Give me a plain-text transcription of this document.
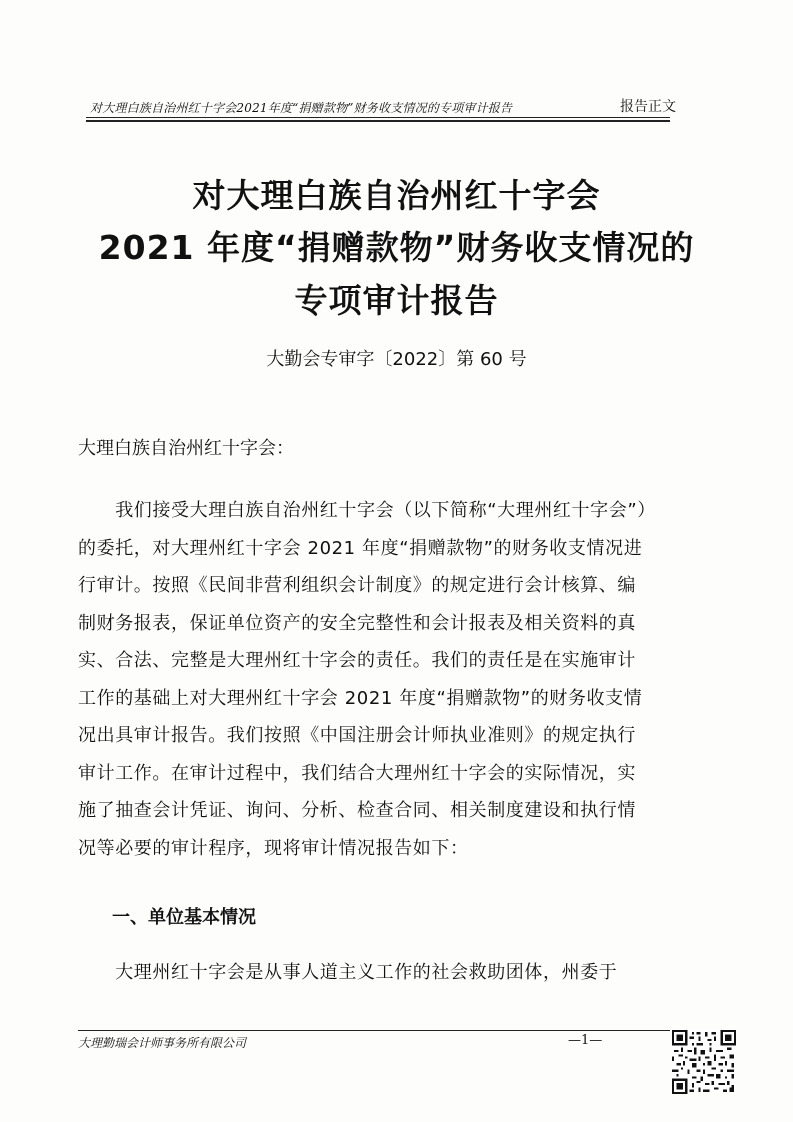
对大理白族自治州红十字会2021年度“捐赠款物”财务收支情况的专项审计报告	报告正文
对大理白族自治州红十字会
2021 年度“捐赠款物”财务收支情况的
专项审计报告
大勤会专审字〔2022〕第 60 号
大理白族自治州红十字会：
　　我们接受大理白族自治州红十字会（以下简称“大理州红十字会”）
的委托，对大理州红十字会 2021 年度“捐赠款物”的财务收支情况进
行审计。按照《民间非营利组织会计制度》的规定进行会计核算、编
制财务报表，保证单位资产的安全完整性和会计报表及相关资料的真
实、合法、完整是大理州红十字会的责任。我们的责任是在实施审计
工作的基础上对大理州红十字会 2021 年度“捐赠款物”的财务收支情
况出具审计报告。我们按照《中国注册会计师执业准则》的规定执行
审计工作。在审计过程中，我们结合大理州红十字会的实际情况，实
施了抽查会计凭证、询问、分析、检查合同、相关制度建设和执行情
况等必要的审计程序，现将审计情况报告如下：
一、单位基本情况
　　大理州红十字会是从事人道主义工作的社会救助团体，州委于
大理勤瑞会计师事务所有限公司	—1—
